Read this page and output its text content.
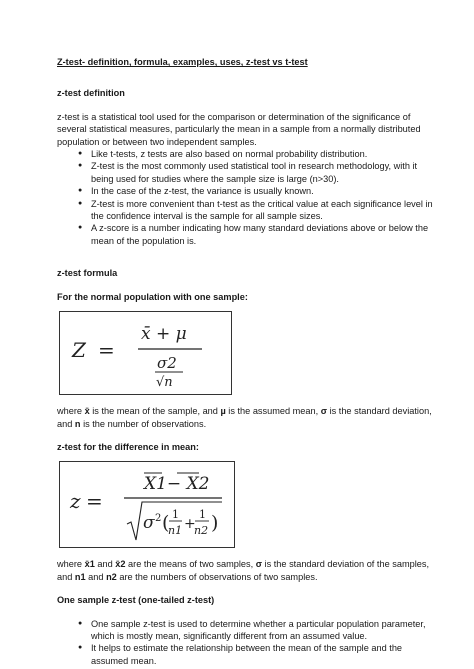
Z-test- definition, formula, examples, uses, z-test vs t-test

z-test definition

z-test is a statistical tool used for the comparison or determination of the significance of several statistical measures, particularly the mean in a sample from a normally distributed population or between two independent samples.

● Like t-tests, z tests are also based on normal probability distribution.
● Z-test is the most commonly used statistical tool in research methodology, with it being used for studies where the sample size is large (n>30).
● In the case of the z-test, the variance is usually known.
● Z-test is more convenient than t-test as the critical value at each significance level in the confidence interval is the sample for all sample sizes.
● A z-score is a number indicating how many standard deviations above or below the mean of the population is.
z-test formula
For the normal population with one sample:
Z =
x̄ + μ
σ2
√n

where x̄ is the mean of the sample, and µ is the assumed mean, σ is the standard deviation, and n is the number of observations.

z-test for the difference in mean:
z =
X1− X2
σ 2 ( 1
n1 +
1
n2 )

where x̄1 and x̄2 are the means of two samples, σ is the standard deviation of the samples, and n1 and n2 are the numbers of observations of two samples.

One sample z-test (one-tailed z-test)
● One sample z-test is used to determine whether a particular population parameter, which is mostly mean, significantly different from an assumed value.
● It helps to estimate the relationship between the mean of the sample and the assumed mean.
